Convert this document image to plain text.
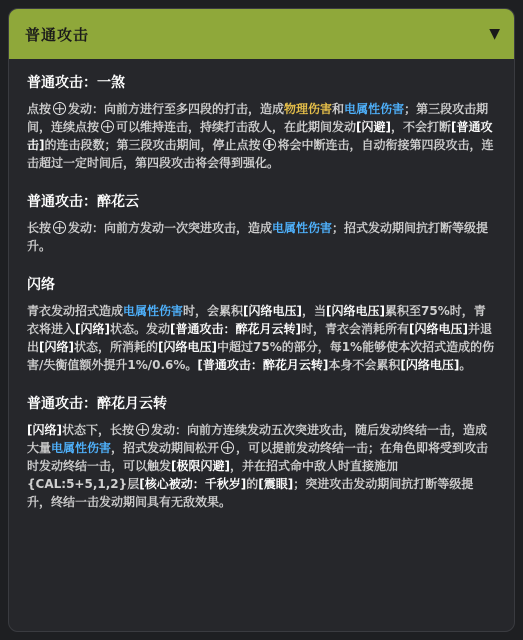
普通攻击	▼
普通攻击：一煞
点按 发动：向前方进行至多四段的打击，造成物理伤害和电属性伤害；第三段攻击期间，连续点按 可以维持连击，持续打击敌人，在此期间发动[闪避]，不会打断[普通攻击]的连击段数；第三段攻击期间，停止点按 将会中断连击，自动衔接第四段攻击，连击超过一定时间后，第四段攻击将会得到强化。
普通攻击：醉花云
长按 发动：向前方发动一次突进攻击，造成电属性伤害；招式发动期间抗打断等级提升。
闪络
青衣发动招式造成电属性伤害时，会累积[闪络电压]，当[闪络电压]累积至75%时，青衣将进入[闪络]状态。发动[普通攻击：醉花月云转]时，青衣会消耗所有[闪络电压]并退出[闪络]状态，所消耗的[闪络电压]中超过75%的部分，每1%能够使本次招式造成的伤害/失衡值额外提升1%/0.6%。[普通攻击：醉花月云转]本身不会累积[闪络电压]。
普通攻击：醉花月云转
[闪络]状态下，长按 发动：向前方连续发动五次突进攻击，随后发动终结一击，造成大量电属性伤害，招式发动期间松开 ，可以提前发动终结一击；在角色即将受到攻击时发动终结一击，可以触发[极限闪避]，并在招式命中敌人时直接施加{CAL:5+5,1,2}层[核心被动：千秋岁]的[震眼]；突进攻击发动期间抗打断等级提升，终结一击发动期间具有无敌效果。
